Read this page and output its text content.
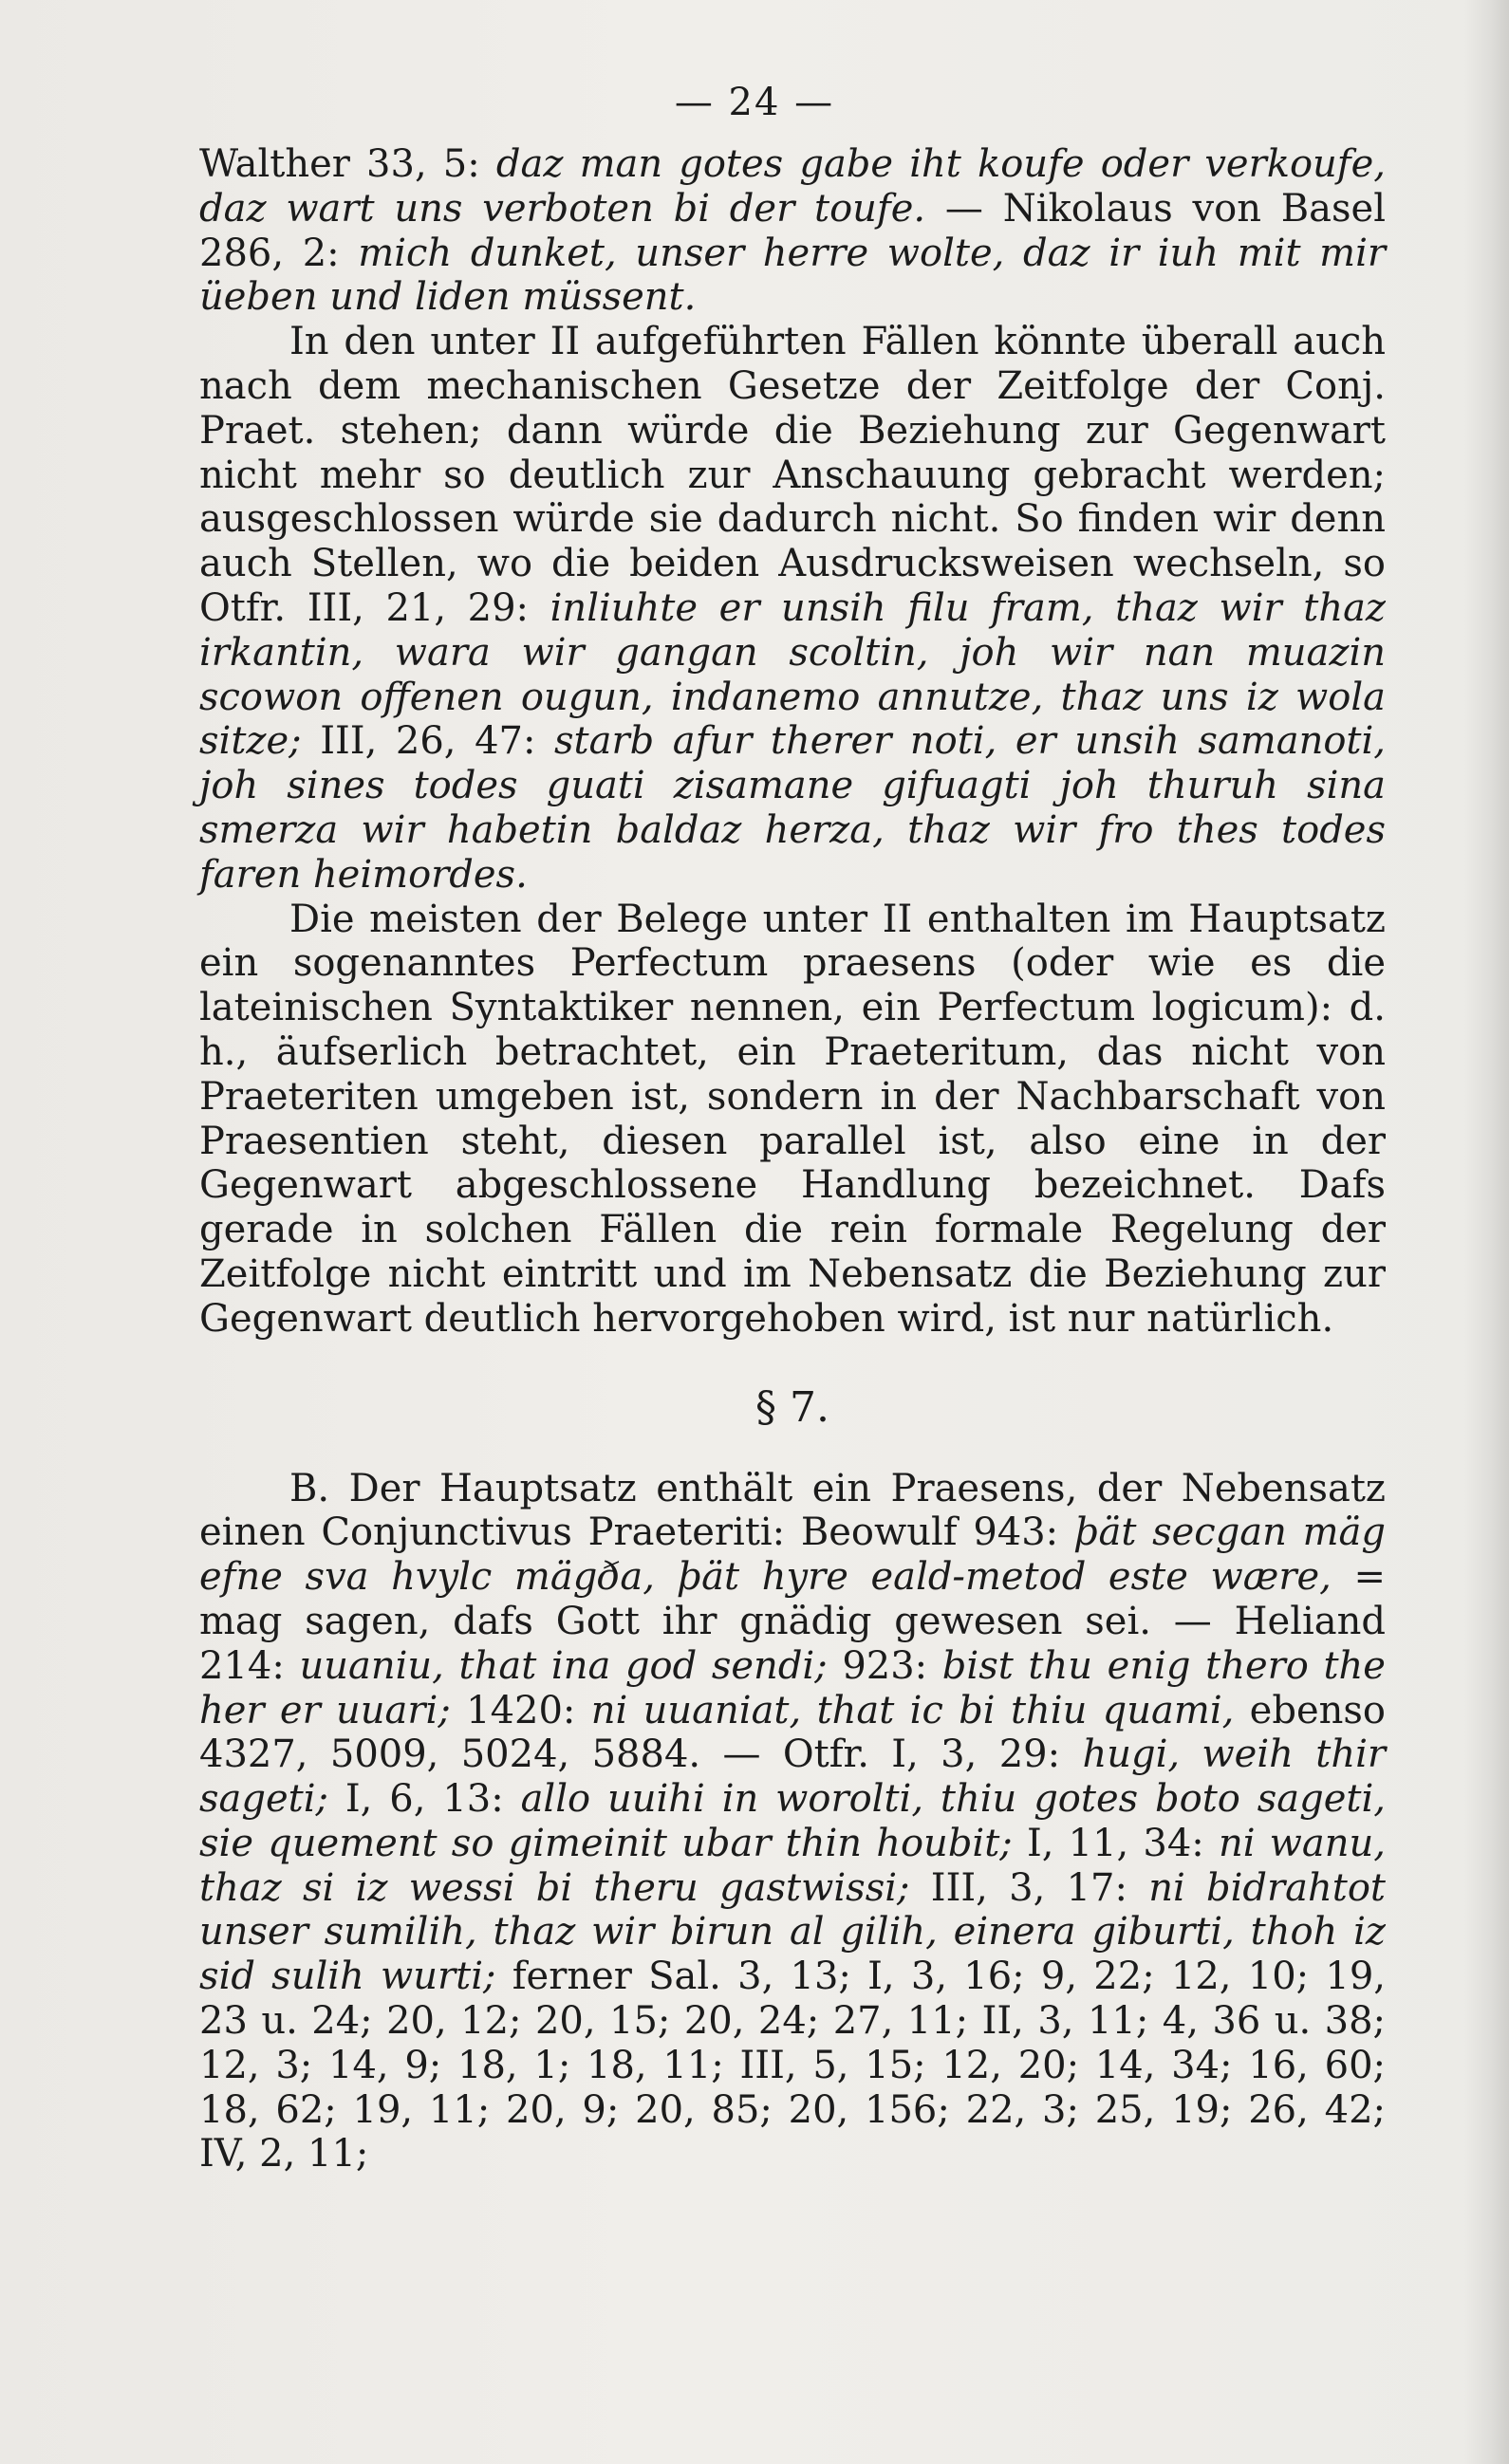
— 24 —

Walther 33, 5: daz man gotes gabe iht koufe oder verkoufe, daz wart uns verboten bi der toufe. — Nikolaus von Basel 286, 2: mich dunket, unser herre wolte, daz ir iuh mit mir üeben und liden müssent.

In den unter II aufgeführten Fällen könnte überall auch nach dem mechanischen Gesetze der Zeitfolge der Conj. Praet. stehen; dann würde die Beziehung zur Gegenwart nicht mehr so deutlich zur Anschauung gebracht werden; ausgeschlossen würde sie dadurch nicht. So finden wir denn auch Stellen, wo die beiden Ausdrucksweisen wechseln, so Otfr. III, 21, 29: inliuhte er unsih filu fram, thaz wir thaz irkantin, wara wir gangan scoltin, joh wir nan muazin scowon offenen ougun, indanemo annutze, thaz uns iz wola sitze; III, 26, 47: starb afur therer noti, er unsih samanoti, joh sines todes guati zisamane gifuagti joh thuruh sina smerza wir habetin baldaz herza, thaz wir fro thes todes faren heimordes.

Die meisten der Belege unter II enthalten im Hauptsatz ein sogenanntes Perfectum praesens (oder wie es die lateinischen Syntaktiker nennen, ein Perfectum logicum): d. h., äufserlich betrachtet, ein Praeteritum, das nicht von Praeteriten umgeben ist, sondern in der Nachbarschaft von Praesentien steht, diesen parallel ist, also eine in der Gegenwart abgeschlossene Handlung bezeichnet. Dafs gerade in solchen Fällen die rein formale Regelung der Zeitfolge nicht eintritt und im Nebensatz die Beziehung zur Gegenwart deutlich hervorgehoben wird, ist nur natürlich.

§ 7.

B. Der Hauptsatz enthält ein Praesens, der Nebensatz einen Conjunctivus Praeteriti: Beowulf 943: þät secgan mäg efne sva hvylc mägða, þät hyre eald-metod este wære, = mag sagen, dafs Gott ihr gnädig gewesen sei. — Heliand 214: uuaniu, that ina god sendi; 923: bist thu enig thero the her er uuari; 1420: ni uuaniat, that ic bi thiu quami, ebenso 4327, 5009, 5024, 5884. — Otfr. I, 3, 29: hugi, weih thir sageti; I, 6, 13: allo uuihi in worolti, thiu gotes boto sageti, sie quement so gimeinit ubar thin houbit; I, 11, 34: ni wanu, thaz si iz wessi bi theru gastwissi; III, 3, 17: ni bidrahtot unser sumilih, thaz wir birun al gilih, einera giburti, thoh iz sid sulih wurti; ferner Sal. 3, 13; I, 3, 16; 9, 22; 12, 10; 19, 23 u. 24; 20, 12; 20, 15; 20, 24; 27, 11; II, 3, 11; 4, 36 u. 38; 12, 3; 14, 9; 18, 1; 18, 11; III, 5, 15; 12, 20; 14, 34; 16, 60; 18, 62; 19, 11; 20, 9; 20, 85; 20, 156; 22, 3; 25, 19; 26, 42; IV, 2, 11;
